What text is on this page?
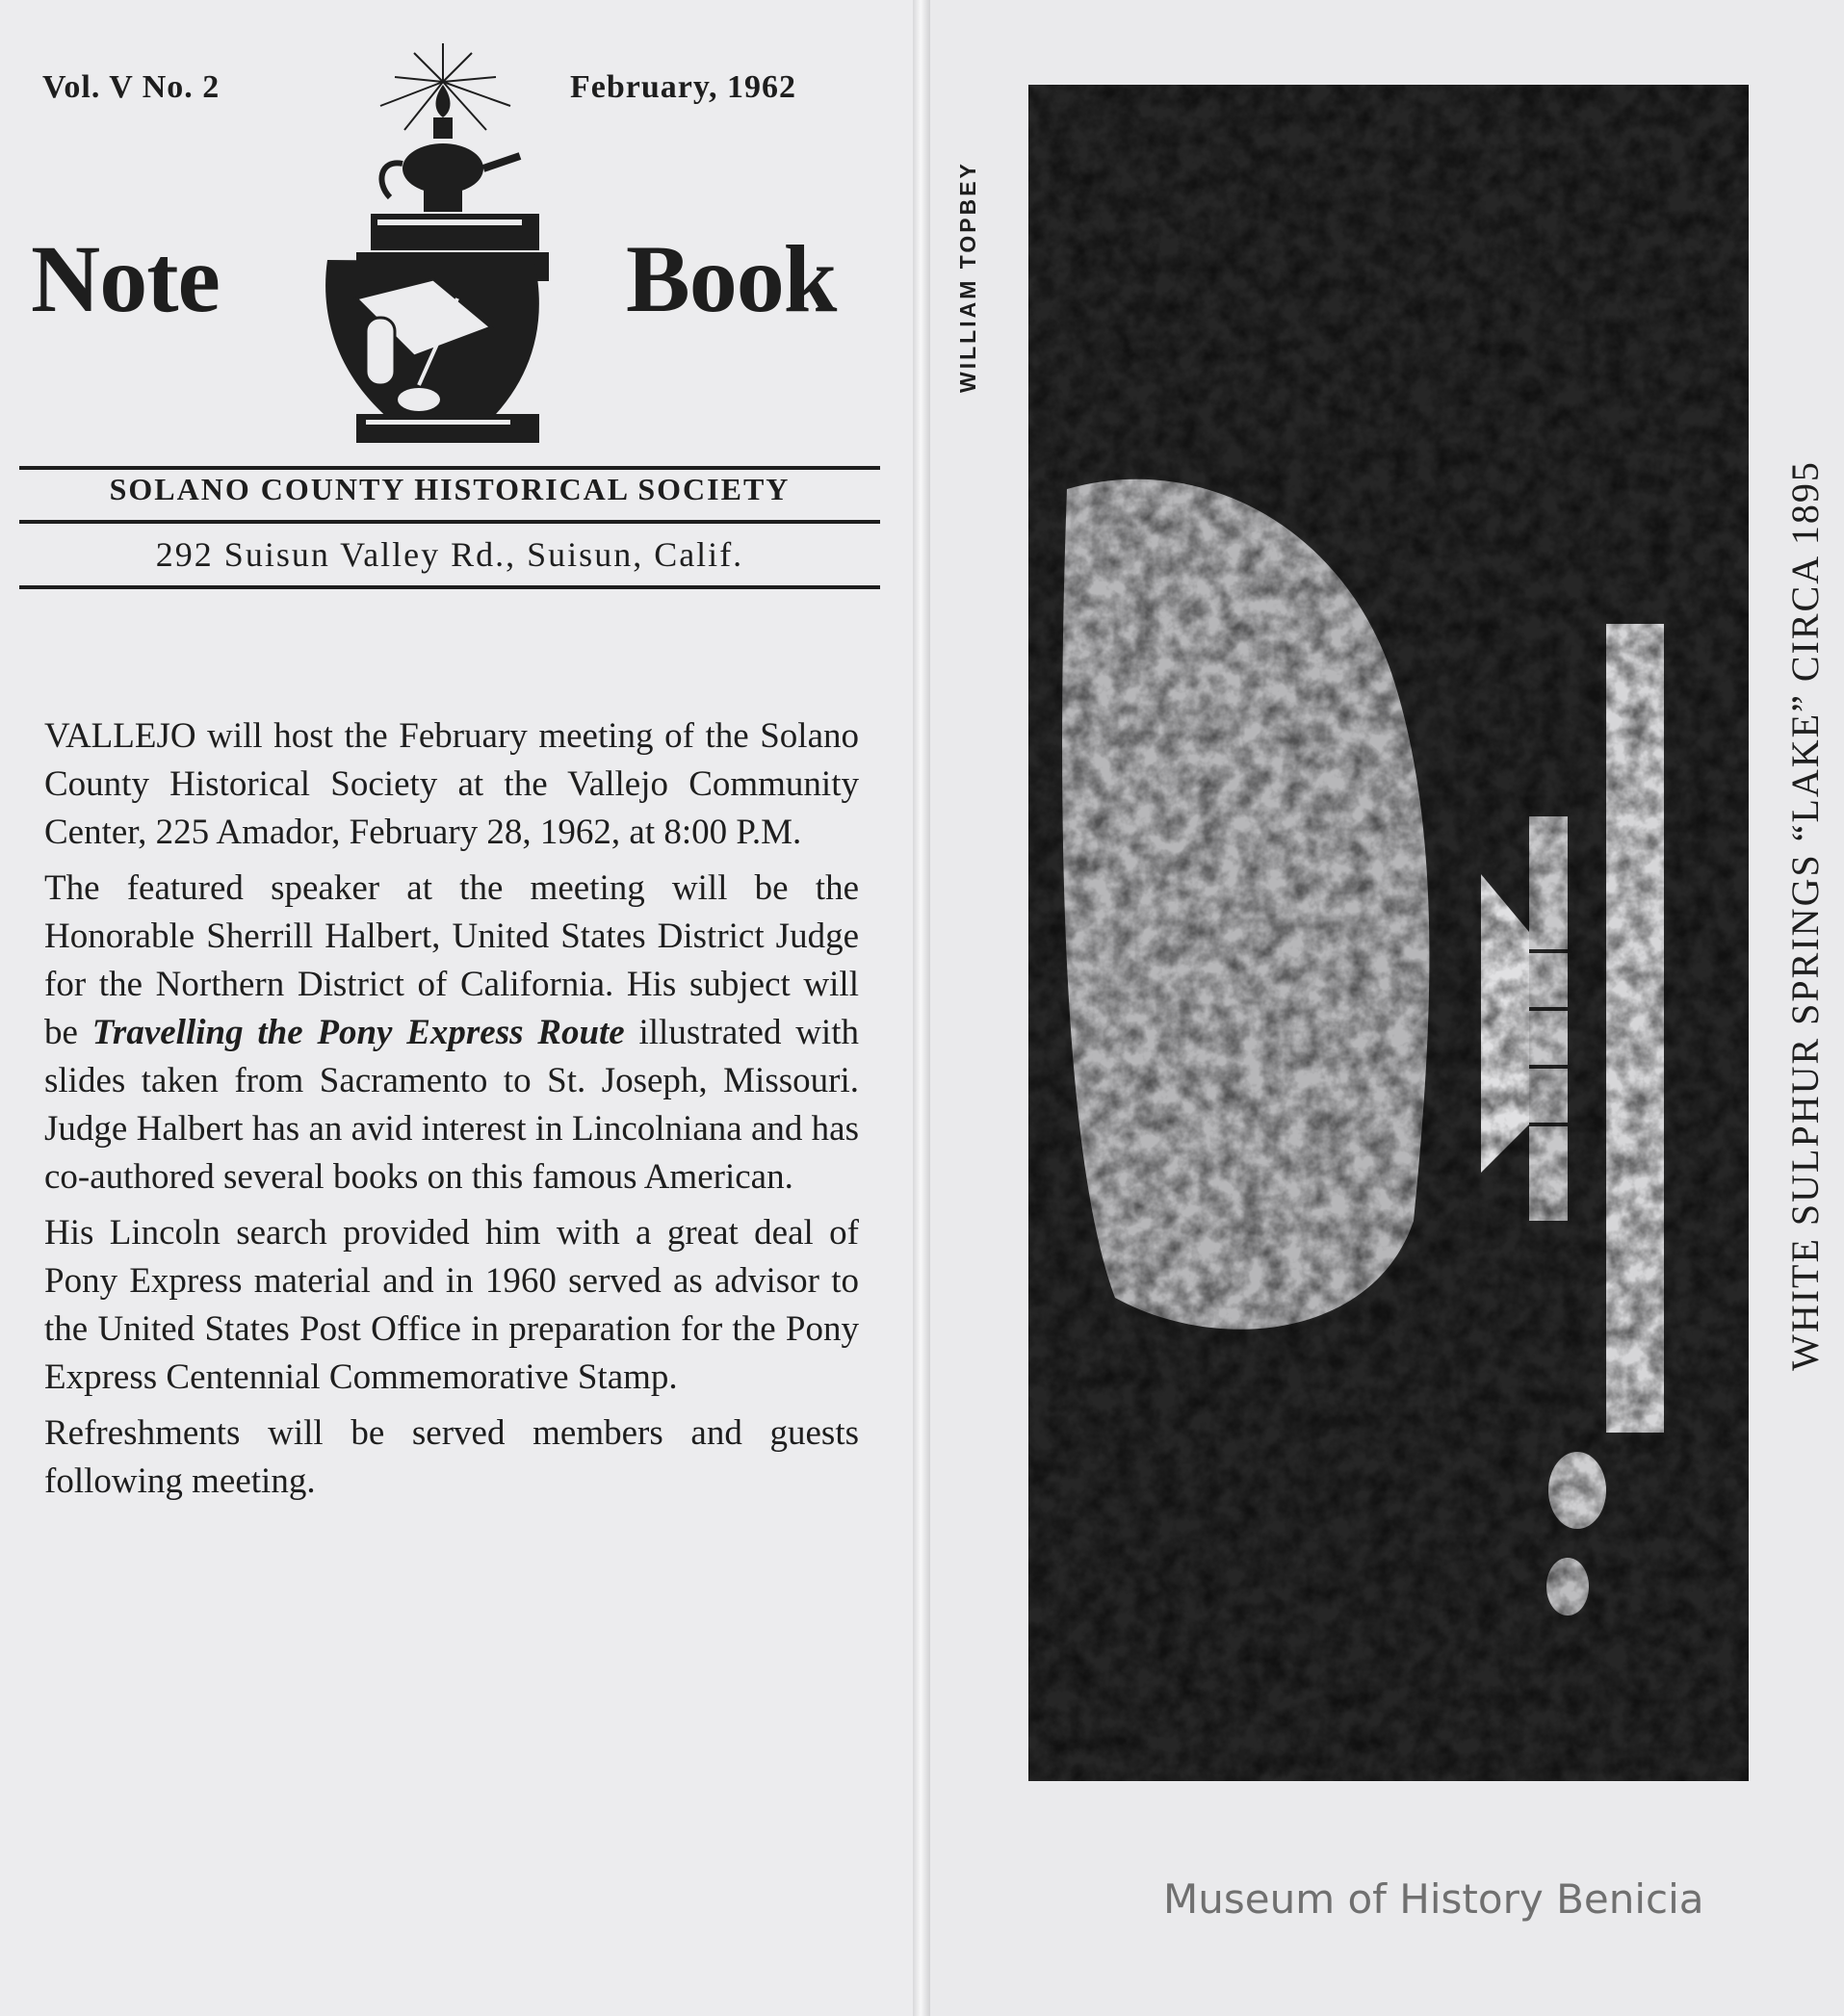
Vol. V No. 2	February, 1962
Note	Book
SOLANO COUNTY HISTORICAL SOCIETY
292 Suisun Valley Rd., Suisun, Calif.

VALLEJO will host the February meeting of the Solano County Historical Society at the Vallejo Community Center, 225 Amador, February 28, 1962, at 8:00 P.M.

The featured speaker at the meeting will be the Honorable Sherrill Halbert, United States District Judge for the Northern District of California. His subject will be Travelling the Pony Express Route illustrated with slides taken from Sacramento to St. Joseph, Missouri. Judge Halbert has an avid interest in Lincolniana and has co-authored several books on this famous American.

His Lincoln search provided him with a great deal of Pony Express material and in 1960 served as advisor to the United States Post Office in preparation for the Pony Express Centennial Commemorative Stamp.

Refreshments will be served members and guests following meeting.

WILLIAM TOPBEY
WHITE SULPHUR SPRINGS “LAKE” CIRCA 1895
Museum of History Benicia
